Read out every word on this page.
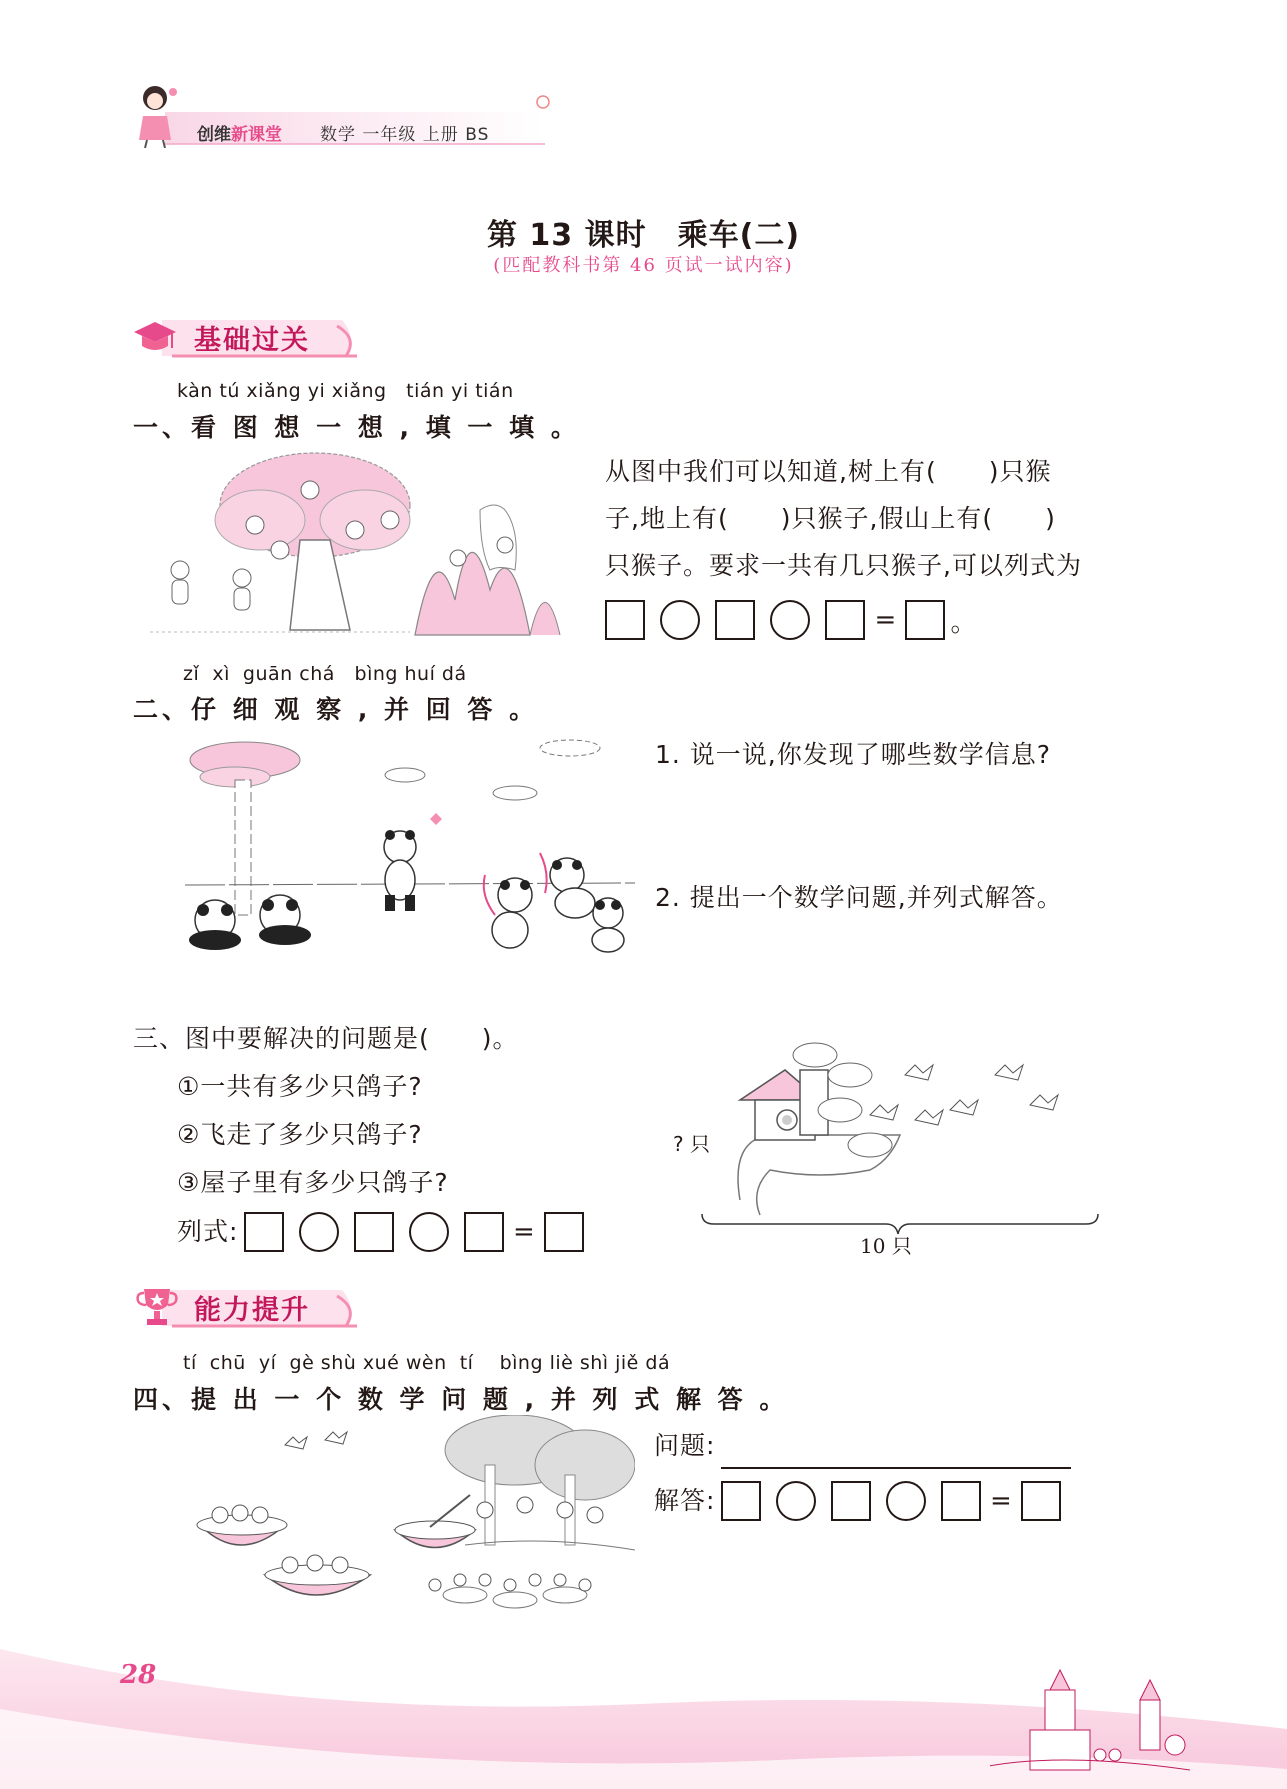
创维新课堂 数学 一年级 上册 BS
第 13 课时　乘车(二)
(匹配教科书第 46 页试一试内容)
基础过关
kàn tú xiǎng yi xiǎng   tián yi tián
一、看 图 想 一 想 , 填 一 填 。
从图中我们可以知道,树上有(　　)只猴
子,地上有(　　)只猴子,假山上有(　　)
只猴子。要求一共有几只猴子,可以列式为
= 。
zǐ  xì  guān chá   bìng huí dá
二、仔 细 观 察 , 并 回 答 。
1. 说一说,你发现了哪些数学信息?
2. 提出一个数学问题,并列式解答。
三、图中要解决的问题是(　　)。
①一共有多少只鸽子?
②飞走了多少只鸽子?
③屋子里有多少只鸽子?
列式:	=
? 只
10 只
能力提升
tí  chū  yí  gè shù xué wèn  tí    bìng liè shì jiě dá
四、提 出 一 个 数 学 问 题 , 并 列 式 解 答 。
问题:
解答:	=
28
